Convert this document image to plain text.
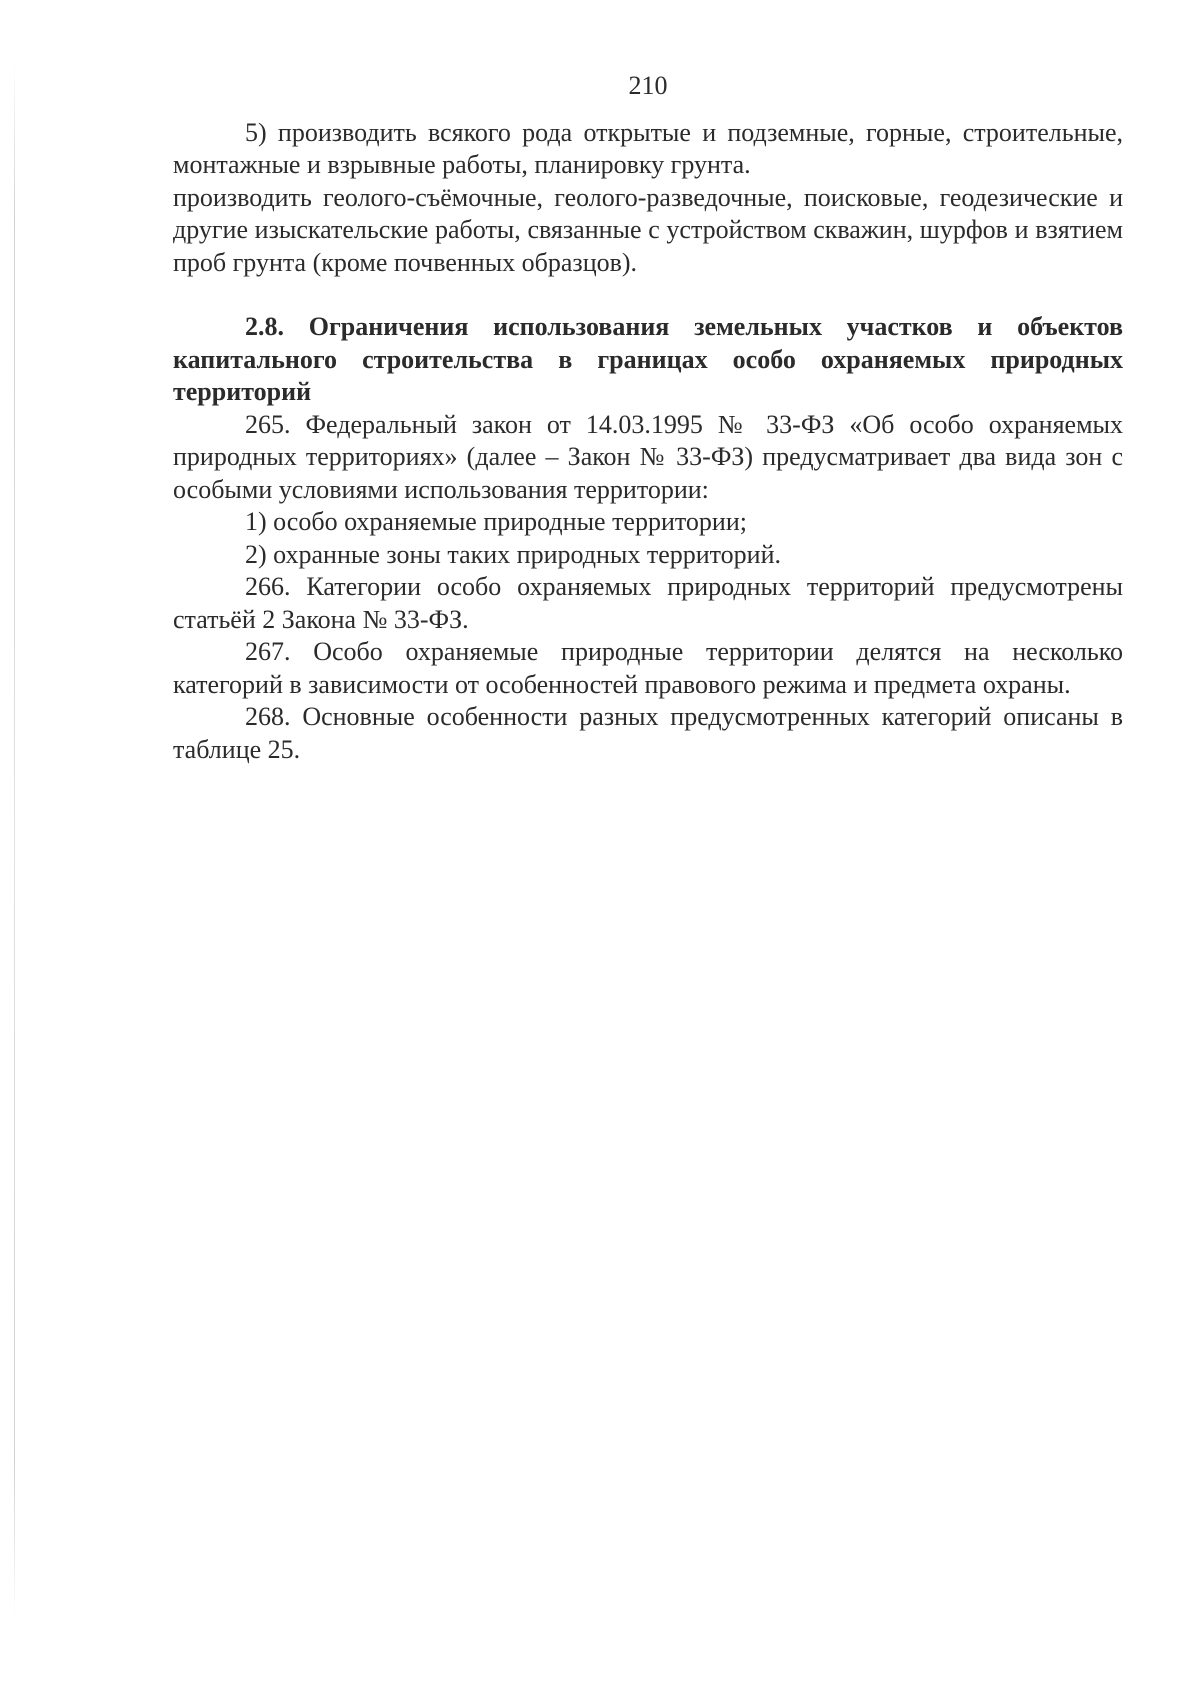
210

5) производить всякого рода открытые и подземные, горные, строительные, монтажные и взрывные работы, планировку грунта.

производить геолого-съёмочные, геолого-разведочные, поисковые, геодезические и другие изыскательские работы, связанные с устройством скважин, шурфов и взятием проб грунта (кроме почвенных образцов).

2.8. Ограничения использования земельных участков и объектов капитального строительства в границах особо охраняемых природных территорий

265. Федеральный закон от 14.03.1995 № 33-ФЗ «Об особо охраняемых природных территориях» (далее – Закон № 33-ФЗ) предусматривает два вида зон с особыми условиями использования территории:

1) особо охраняемые природные территории;

2) охранные зоны таких природных территорий.

266. Категории особо охраняемых природных территорий предусмотрены статьёй 2 Закона № 33-ФЗ.

267. Особо охраняемые природные территории делятся на несколько категорий в зависимости от особенностей правового режима и предмета охраны.

268. Основные особенности разных предусмотренных категорий описаны в таблице 25.
